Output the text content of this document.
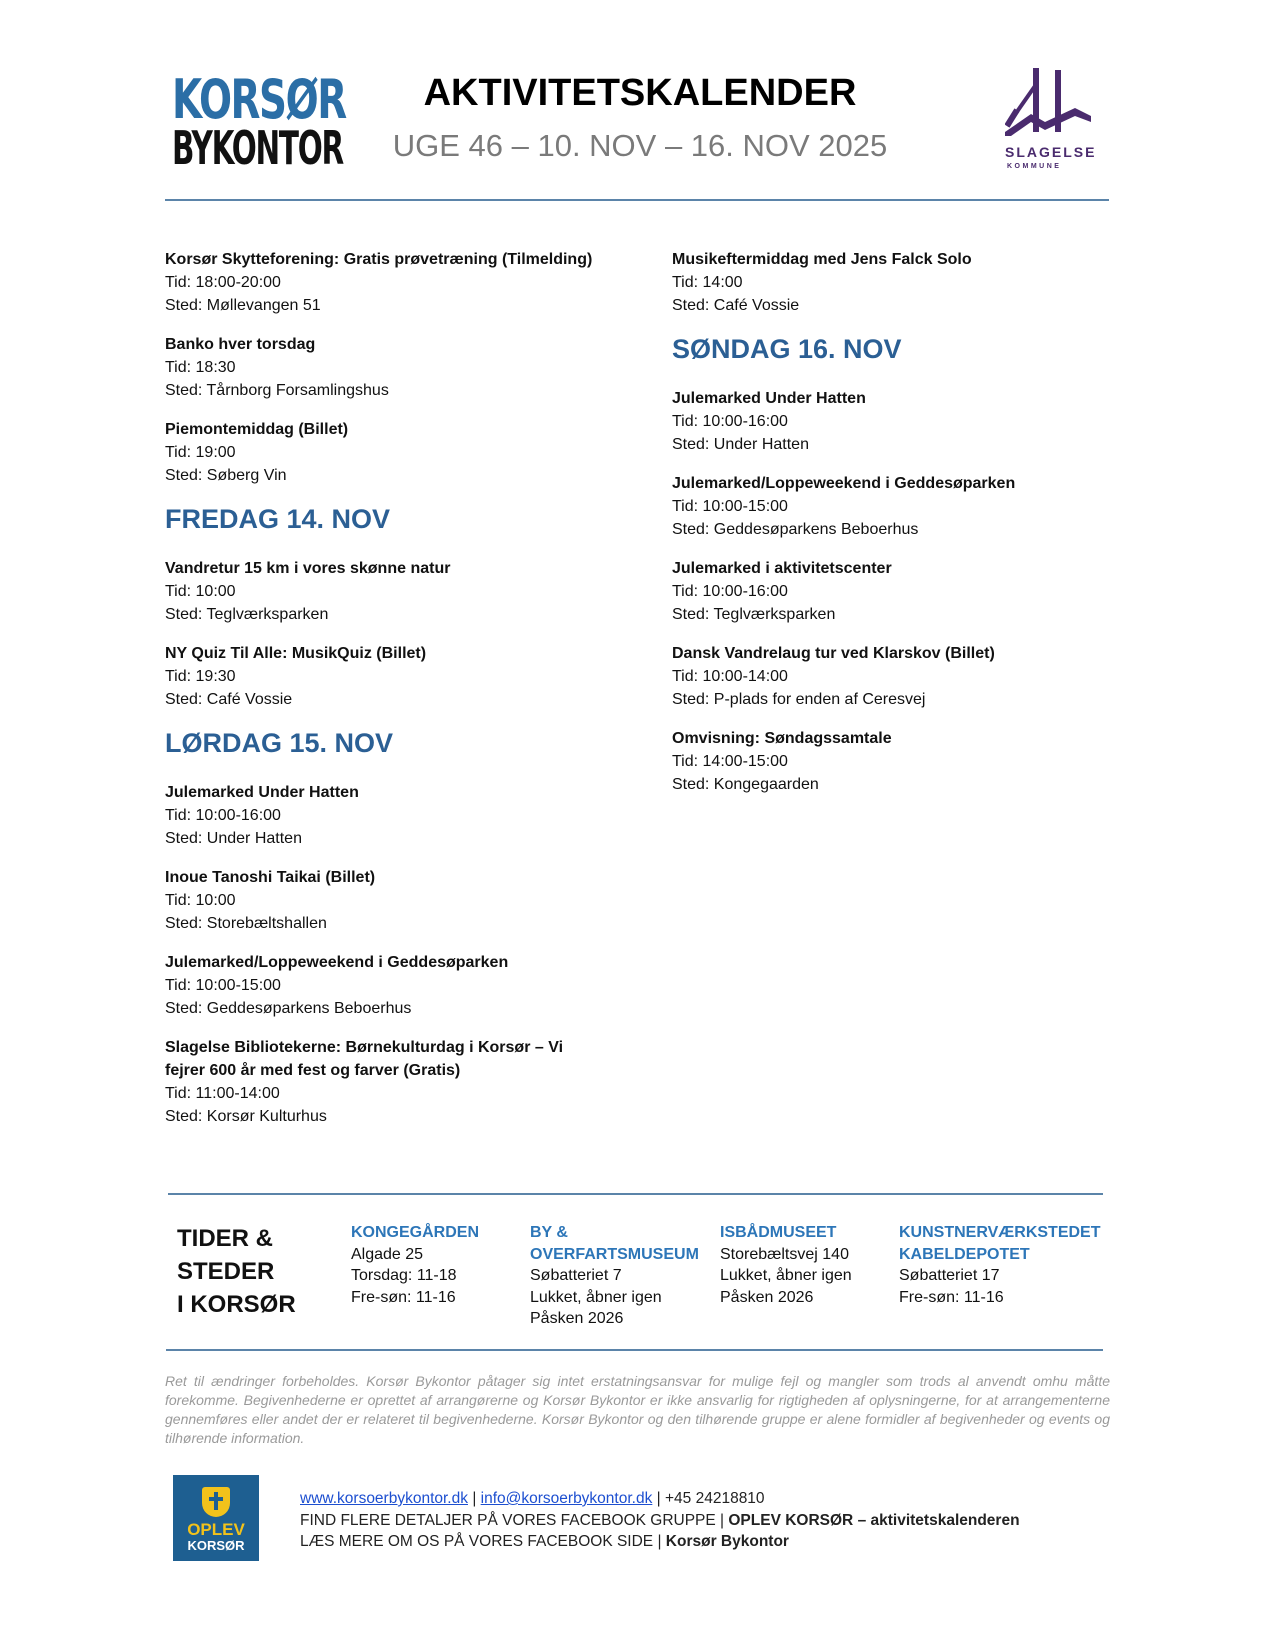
KORSØR
BYKONTOR
AKTIVITETSKALENDER
UGE 46 – 10. NOV – 16. NOV 2025	SLAGELSE
KOMMUNE
Korsør Skytteforening: Gratis prøvetræning (Tilmelding)
Tid: 18:00-20:00
Sted: Møllevangen 51
Banko hver torsdag
Tid: 18:30
Sted: Tårnborg Forsamlingshus
Piemontemiddag (Billet)
Tid: 19:00
Sted: Søberg Vin
FREDAG 14. NOV
Vandretur 15 km i vores skønne natur
Tid: 10:00
Sted: Teglværksparken
NY Quiz Til Alle: MusikQuiz (Billet)
Tid: 19:30
Sted: Café Vossie
LØRDAG 15. NOV
Julemarked Under Hatten
Tid: 10:00-16:00
Sted: Under Hatten
Inoue Tanoshi Taikai (Billet)
Tid: 10:00
Sted: Storebæltshallen
Julemarked/Loppeweekend i Geddesøparken
Tid: 10:00-15:00
Sted: Geddesøparkens Beboerhus
Slagelse Bibliotekerne: Børnekulturdag i Korsør – Vi fejrer 600 år med fest og farver (Gratis)
Tid: 11:00-14:00
Sted: Korsør Kulturhus
Musikeftermiddag med Jens Falck Solo
Tid: 14:00
Sted: Café Vossie
SØNDAG 16. NOV
Julemarked Under Hatten
Tid: 10:00-16:00
Sted: Under Hatten
Julemarked/Loppeweekend i Geddesøparken
Tid: 10:00-15:00
Sted: Geddesøparkens Beboerhus
Julemarked i aktivitetscenter
Tid: 10:00-16:00
Sted: Teglværksparken
Dansk Vandrelaug tur ved Klarskov (Billet)
Tid: 10:00-14:00
Sted: P-plads for enden af Ceresvej
Omvisning: Søndagssamtale
Tid: 14:00-15:00
Sted: Kongegaarden
TIDER &
STEDER
I KORSØR
KONGEGÅRDEN
Algade 25
Torsdag: 11-18
Fre-søn: 11-16
BY &
OVERFARTSMUSEUM
Søbatteriet 7
Lukket, åbner igen
Påsken 2026
ISBÅDMUSEET
Storebæltsvej 140
Lukket, åbner igen
Påsken 2026
KUNSTNERVÆRKSTEDET
KABELDEPOTET
Søbatteriet 17
Fre-søn: 11-16
Ret til ændringer forbeholdes. Korsør Bykontor påtager sig intet erstatningsansvar for mulige fejl og mangler som trods al anvendt omhu måtte forekomme. Begivenhederne er oprettet af arrangørerne og Korsør Bykontor er ikke ansvarlig for rigtigheden af oplysningerne, for at arrangementerne gennemføres eller andet der er relateret til begivenhederne. Korsør Bykontor og den tilhørende gruppe er alene formidler af begivenheder og events og tilhørende information.
OPLEV
KORSØR
www.korsoerbykontor.dk | info@korsoerbykontor.dk | +45 24218810
FIND FLERE DETALJER PÅ VORES FACEBOOK GRUPPE | OPLEV KORSØR – aktivitetskalenderen
LÆS MERE OM OS PÅ VORES FACEBOOK SIDE | Korsør Bykontor
